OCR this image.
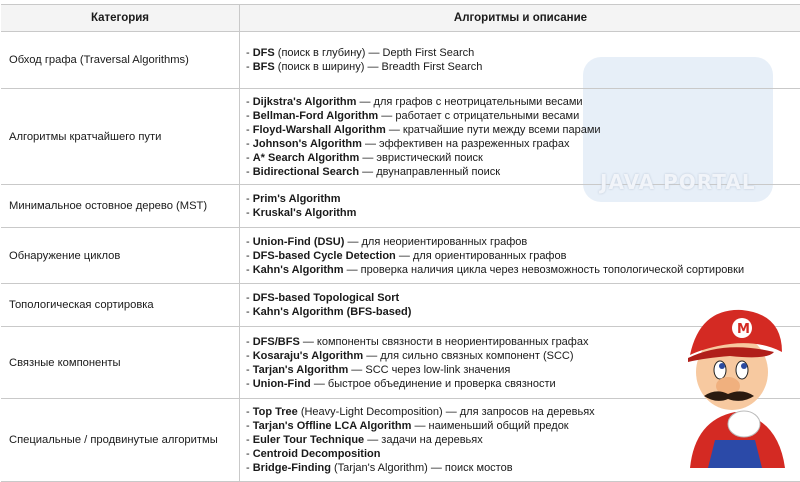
Категория	Алгоритмы и описание
Обход графа (Traversal Algorithms)
- DFS (поиск в глубину) — Depth First Search
- BFS (поиск в ширину) — Breadth First Search
Алгоритмы кратчайшего пути
- Dijkstra's Algorithm — для графов с неотрицательными весами
- Bellman-Ford Algorithm — работает с отрицательными весами
- Floyd-Warshall Algorithm — кратчайшие пути между всеми парами
- Johnson's Algorithm — эффективен на разреженных графах
- A* Search Algorithm — эвристический поиск
- Bidirectional Search — двунаправленный поиск
Минимальное остовное дерево (MST)
- Prim's Algorithm
- Kruskal's Algorithm
Обнаружение циклов
- Union-Find (DSU) — для неориентированных графов
- DFS-based Cycle Detection — для ориентированных графов
- Kahn's Algorithm — проверка наличия цикла через невозможность топологической сортировки
Топологическая сортировка
- DFS-based Topological Sort
- Kahn's Algorithm (BFS-based)
Связные компоненты
- DFS/BFS — компоненты связности в неориентированных графах
- Kosaraju's Algorithm — для сильно связных компонент (SCC)
- Tarjan's Algorithm — SCC через low-link значения
- Union-Find — быстрое объединение и проверка связности
Специальные / продвинутые алгоритмы
- Top Tree (Heavy-Light Decomposition) — для запросов на деревьях
- Tarjan's Offline LCA Algorithm — наименьший общий предок
- Euler Tour Technique — задачи на деревьях
- Centroid Decomposition
- Bridge-Finding (Tarjan's Algorithm) — поиск мостов
JAVA PORTAL
M
